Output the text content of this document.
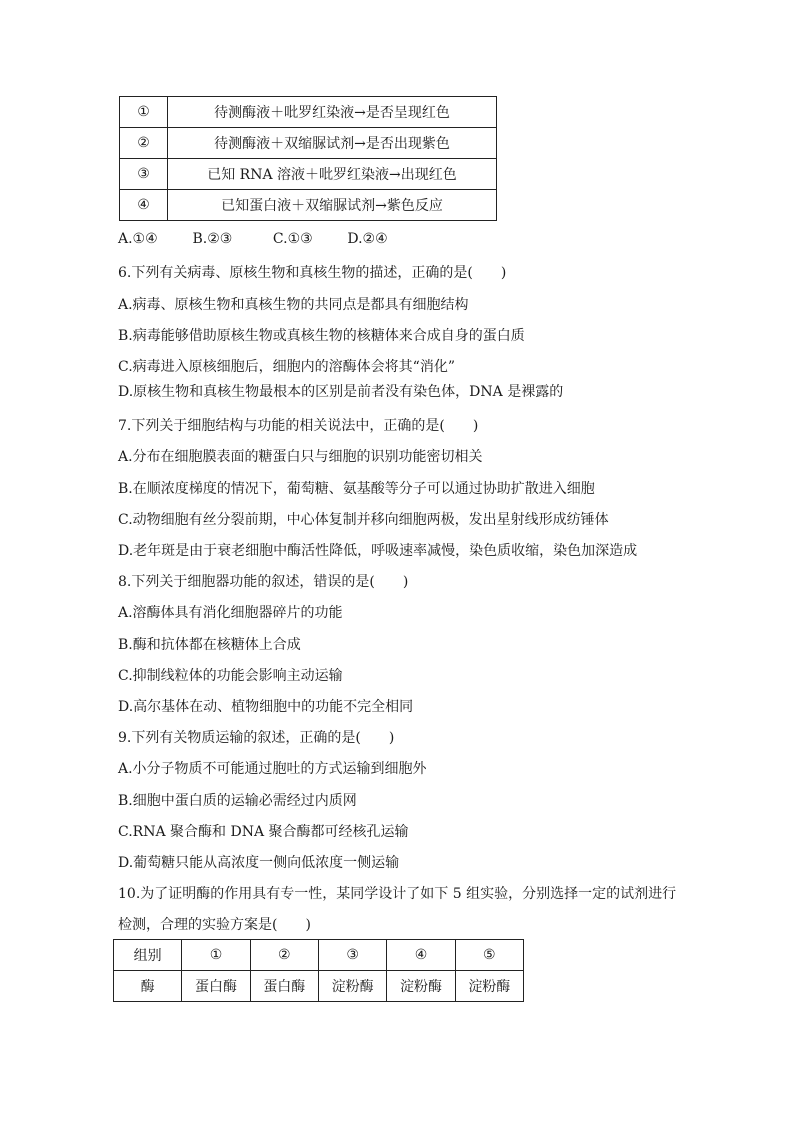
①	待测酶液＋吡罗红染液→是否呈现红色
②	待测酶液＋双缩脲试剂→是否出现紫色
③	已知 RNA 溶液＋吡罗红染液→出现红色
④	已知蛋白液＋双缩脲试剂→紫色反应
A.①④ B.②③	C.①③ D.②④
6.下列有关病毒、原核生物和真核生物的描述，正确的是(　　)
A.病毒、原核生物和真核生物的共同点是都具有细胞结构
B.病毒能够借助原核生物或真核生物的核糖体来合成自身的蛋白质
C.病毒进入原核细胞后，细胞内的溶酶体会将其“消化”
D.原核生物和真核生物最根本的区别是前者没有染色体，DNA 是裸露的
7.下列关于细胞结构与功能的相关说法中，正确的是(　　)
A.分布在细胞膜表面的糖蛋白只与细胞的识别功能密切相关
B.在顺浓度梯度的情况下，葡萄糖、氨基酸等分子可以通过协助扩散进入细胞
C.动物细胞有丝分裂前期，中心体复制并移向细胞两极，发出星射线形成纺锤体
D.老年斑是由于衰老细胞中酶活性降低，呼吸速率减慢，染色质收缩，染色加深造成
8.下列关于细胞器功能的叙述，错误的是(　　)
A.溶酶体具有消化细胞器碎片的功能
B.酶和抗体都在核糖体上合成
C.抑制线粒体的功能会影响主动运输
D.高尔基体在动、植物细胞中的功能不完全相同
9.下列有关物质运输的叙述，正确的是(　　)
A.小分子物质不可能通过胞吐的方式运输到细胞外
B.细胞中蛋白质的运输必需经过内质网
C.RNA 聚合酶和 DNA 聚合酶都可经核孔运输
D.葡萄糖只能从高浓度一侧向低浓度一侧运输
10.为了证明酶的作用具有专一性，某同学设计了如下 5 组实验，分别选择一定的试剂进行
检测，合理的实验方案是(　　)
组别	①	②	③	④	⑤
酶	蛋白酶	蛋白酶	淀粉酶	淀粉酶	淀粉酶
